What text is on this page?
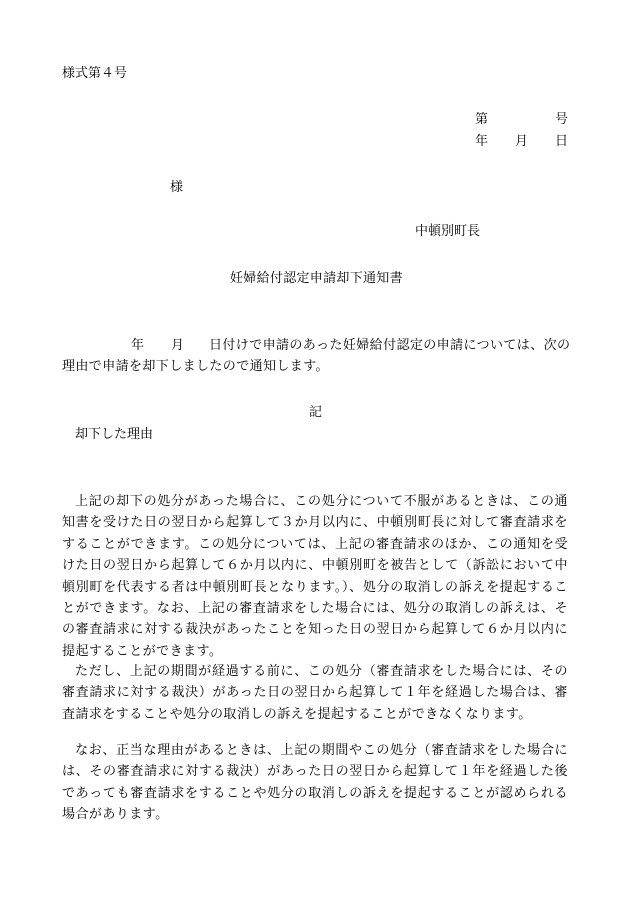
様式第４号
第	号
年 月 日
様
中頓別町長
妊婦給付認定申請却下通知書
年 月 日付けで申請のあった妊婦給付認定の申請については、次の
理由で申請を却下しましたので通知します。
記
却下した理由
上記の却下の処分があった場合に、この処分について不服があるときは、この通知書を受けた日の翌日から起算して３か月以内に、中頓別町長に対して審査請求をすることができます。この処分については、上記の審査請求のほか、この通知を受けた日の翌日から起算して６か月以内に、中頓別町を被告として（訴訟において中頓別町を代表する者は中頓別町長となります。）、処分の取消しの訴えを提起することができます。なお、上記の審査請求をした場合には、処分の取消しの訴えは、その審査請求に対する裁決があったことを知った日の翌日から起算して６か月以内に提起することができます。
ただし、上記の期間が経過する前に、この処分（審査請求をした場合には、その審査請求に対する裁決）があった日の翌日から起算して１年を経過した場合は、審査請求をすることや処分の取消しの訴えを提起することができなくなります。
なお、正当な理由があるときは、上記の期間やこの処分（審査請求をした場合には、その審査請求に対する裁決）があった日の翌日から起算して１年を経過した後であっても審査請求をすることや処分の取消しの訴えを提起することが認められる場合があります。
